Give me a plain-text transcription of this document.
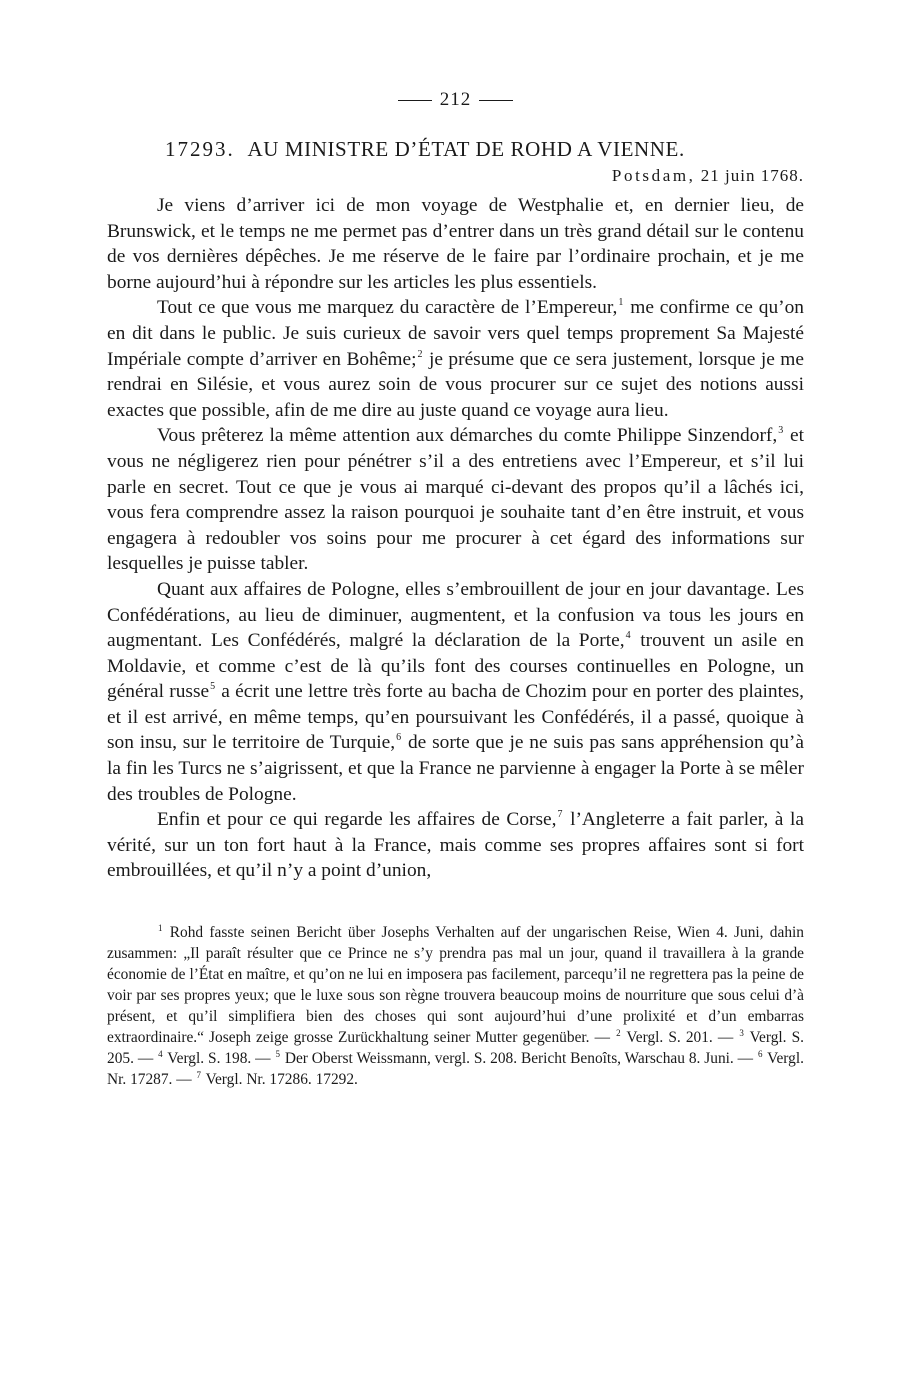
212
17293. AU MINISTRE D’ÉTAT DE ROHD A VIENNE.
Potsdam, 21 juin 1768.

Je viens d’arriver ici de mon voyage de Westphalie et, en dernier lieu, de Brunswick, et le temps ne me permet pas d’entrer dans un très grand détail sur le contenu de vos dernières dépêches. Je me réserve de le faire par l’ordinaire prochain, et je me borne aujourd’hui à répondre sur les articles les plus essentiels.

Tout ce que vous me marquez du caractère de l’Empereur,$^1$ me confirme ce qu’on en dit dans le public. Je suis curieux de savoir vers quel temps proprement Sa Majesté Impériale compte d’arriver en Bohême;$^2$ je présume que ce sera justement, lorsque je me rendrai en Silésie, et vous aurez soin de vous procurer sur ce sujet des notions aussi exactes que possible, afin de me dire au juste quand ce voyage aura lieu.

Vous prêterez la même attention aux démarches du comte Philippe Sinzendorf,$^3$ et vous ne négligerez rien pour pénétrer s’il a des entretiens avec l’Empereur, et s’il lui parle en secret. Tout ce que je vous ai marqué ci-devant des propos qu’il a lâchés ici, vous fera comprendre assez la raison pourquoi je souhaite tant d’en être instruit, et vous engagera à redoubler vos soins pour me procurer à cet égard des informations sur lesquelles je puisse tabler.

Quant aux affaires de Pologne, elles s’embrouillent de jour en jour davantage. Les Confédérations, au lieu de diminuer, augmentent, et la confusion va tous les jours en augmentant. Les Confédérés, malgré la déclaration de la Porte,$^4$ trouvent un asile en Moldavie, et comme c’est de là qu’ils font des courses continuelles en Pologne, un général russe$^5$ a écrit une lettre très forte au bacha de Chozim pour en porter des plaintes, et il est arrivé, en même temps, qu’en poursuivant les Confédérés, il a passé, quoique à son insu, sur le territoire de Turquie,$^6$ de sorte que je ne suis pas sans appréhension qu’à la fin les Turcs ne s’aigrissent, et que la France ne parvienne à engager la Porte à se mêler des troubles de Pologne.

Enfin et pour ce qui regarde les affaires de Corse,$^7$ l’Angleterre a fait parler, à la vérité, sur un ton fort haut à la France, mais comme ses propres affaires sont si fort embrouillées, et qu’il n’y a point d’union,

$^1$ Rohd fasste seinen Bericht über Josephs Verhalten auf der ungarischen Reise, Wien 4. Juni, dahin zusammen: „Il paraît résulter que ce Prince ne s’y prendra pas mal un jour, quand il travaillera à la grande économie de l’État en maître, et qu’on ne lui en imposera pas facilement, parcequ’il ne regrettera pas la peine de voir par ses propres yeux; que le luxe sous son règne trouvera beaucoup moins de nourriture que sous celui d’à présent, et qu’il simplifiera bien des choses qui sont aujourd’hui d’une prolixité et d’un embarras extraordinaire.“ Joseph zeige grosse Zurückhaltung seiner Mutter gegenüber. — $^2$ Vergl. S. 201. — $^3$ Vergl. S. 205. — $^4$ Vergl. S. 198. — $^5$ Der Oberst Weissmann, vergl. S. 208. Bericht Benoîts, Warschau 8. Juni. — $^6$ Vergl. Nr. 17287. — $^7$ Vergl. Nr. 17286. 17292.
